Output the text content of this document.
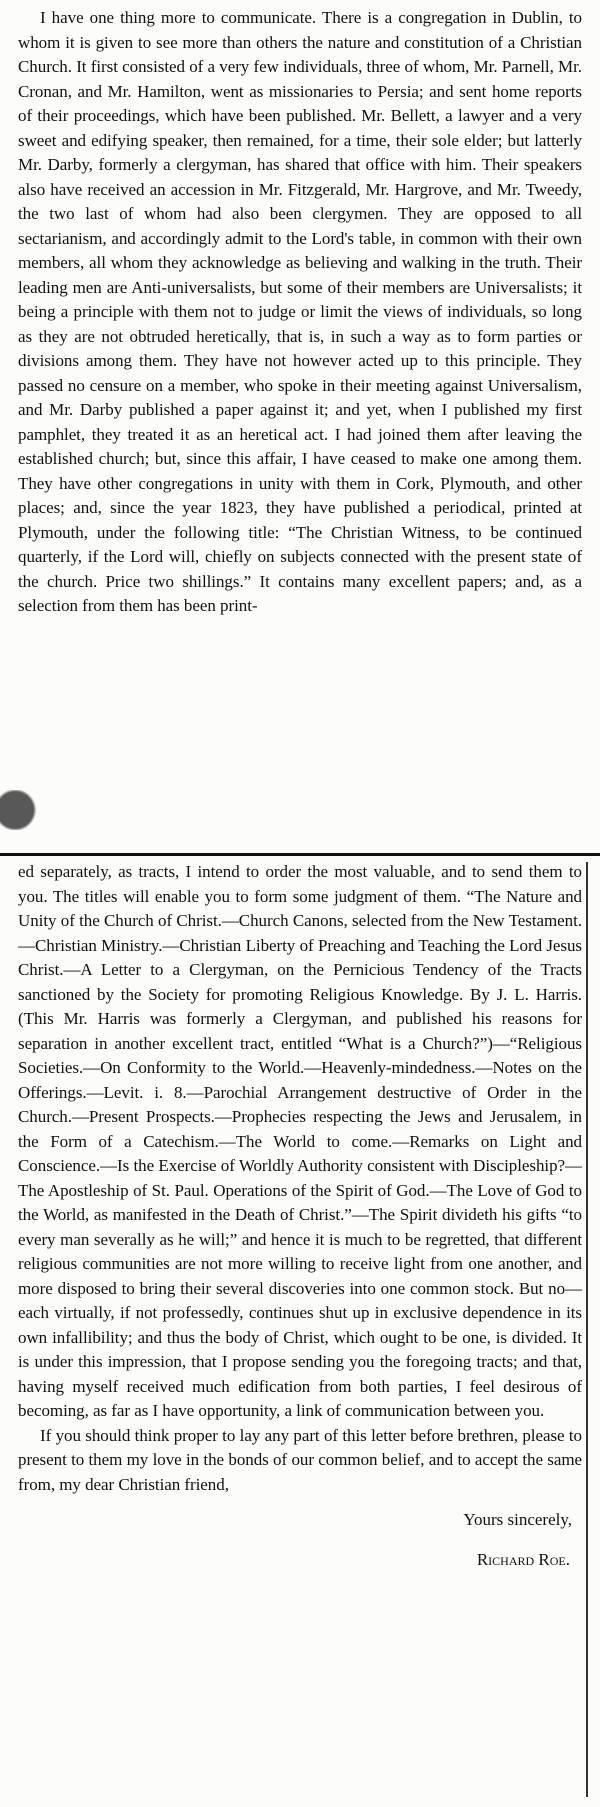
I have one thing more to communicate. There is a congregation in Dublin, to whom it is given to see more than others the nature and constitution of a Christian Church. It first consisted of a very few individuals, three of whom, Mr. Parnell, Mr. Cronan, and Mr. Hamilton, went as missionaries to Persia; and sent home reports of their proceedings, which have been published. Mr. Bellett, a lawyer and a very sweet and edifying speaker, then remained, for a time, their sole elder; but latterly Mr. Darby, formerly a clergyman, has shared that office with him. Their speakers also have received an accession in Mr. Fitzgerald, Mr. Hargrove, and Mr. Tweedy, the two last of whom had also been clergymen. They are opposed to all sectarianism, and accordingly admit to the Lord's table, in common with their own members, all whom they acknowledge as believing and walking in the truth. Their leading men are Anti-universalists, but some of their members are Universalists; it being a principle with them not to judge or limit the views of individuals, so long as they are not obtruded heretically, that is, in such a way as to form parties or divisions among them. They have not however acted up to this principle. They passed no censure on a member, who spoke in their meeting against Universalism, and Mr. Darby published a paper against it; and yet, when I published my first pamphlet, they treated it as an heretical act. I had joined them after leaving the established church; but, since this affair, I have ceased to make one among them. They have other congregations in unity with them in Cork, Plymouth, and other places; and, since the year 1823, they have published a periodical, printed at Plymouth, under the following title: “The Christian Witness, to be continued quarterly, if the Lord will, chiefly on subjects connected with the present state of the church. Price two shillings.” It contains many excellent papers; and, as a selection from them has been print-

ed separately, as tracts, I intend to order the most valuable, and to send them to you. The titles will enable you to form some judgment of them. “The Nature and Unity of the Church of Christ.—Church Canons, selected from the New Testament.—Christian Ministry.—Christian Liberty of Preaching and Teaching the Lord Jesus Christ.—A Letter to a Clergyman, on the Pernicious Tendency of the Tracts sanctioned by the Society for promoting Religious Knowledge. By J. L. Harris. (This Mr. Harris was formerly a Clergyman, and published his reasons for separation in another excellent tract, entitled “What is a Church?”)—“Religious Societies.—On Conformity to the World.—Heavenly-mindedness.—Notes on the Offerings.—Levit. i. 8.—Parochial Arrangement destructive of Order in the Church.—Present Prospects.—Prophecies respecting the Jews and Jerusalem, in the Form of a Catechism.—The World to come.—Remarks on Light and Conscience.—Is the Exercise of Worldly Authority consistent with Discipleship?—The Apostleship of St. Paul. Operations of the Spirit of God.—The Love of God to the World, as manifested in the Death of Christ.”—The Spirit divideth his gifts “to every man severally as he will;” and hence it is much to be regretted, that different religious communities are not more willing to receive light from one another, and more disposed to bring their several discoveries into one common stock. But no—each virtually, if not professedly, continues shut up in exclusive dependence in its own infallibility; and thus the body of Christ, which ought to be one, is divided. It is under this impression, that I propose sending you the foregoing tracts; and that, having myself received much edification from both parties, I feel desirous of becoming, as far as I have opportunity, a link of communication between you.

If you should think proper to lay any part of this letter before brethren, please to present to them my love in the bonds of our common belief, and to accept the same from, my dear Christian friend,

Yours sincerely,
Richard Roe.
